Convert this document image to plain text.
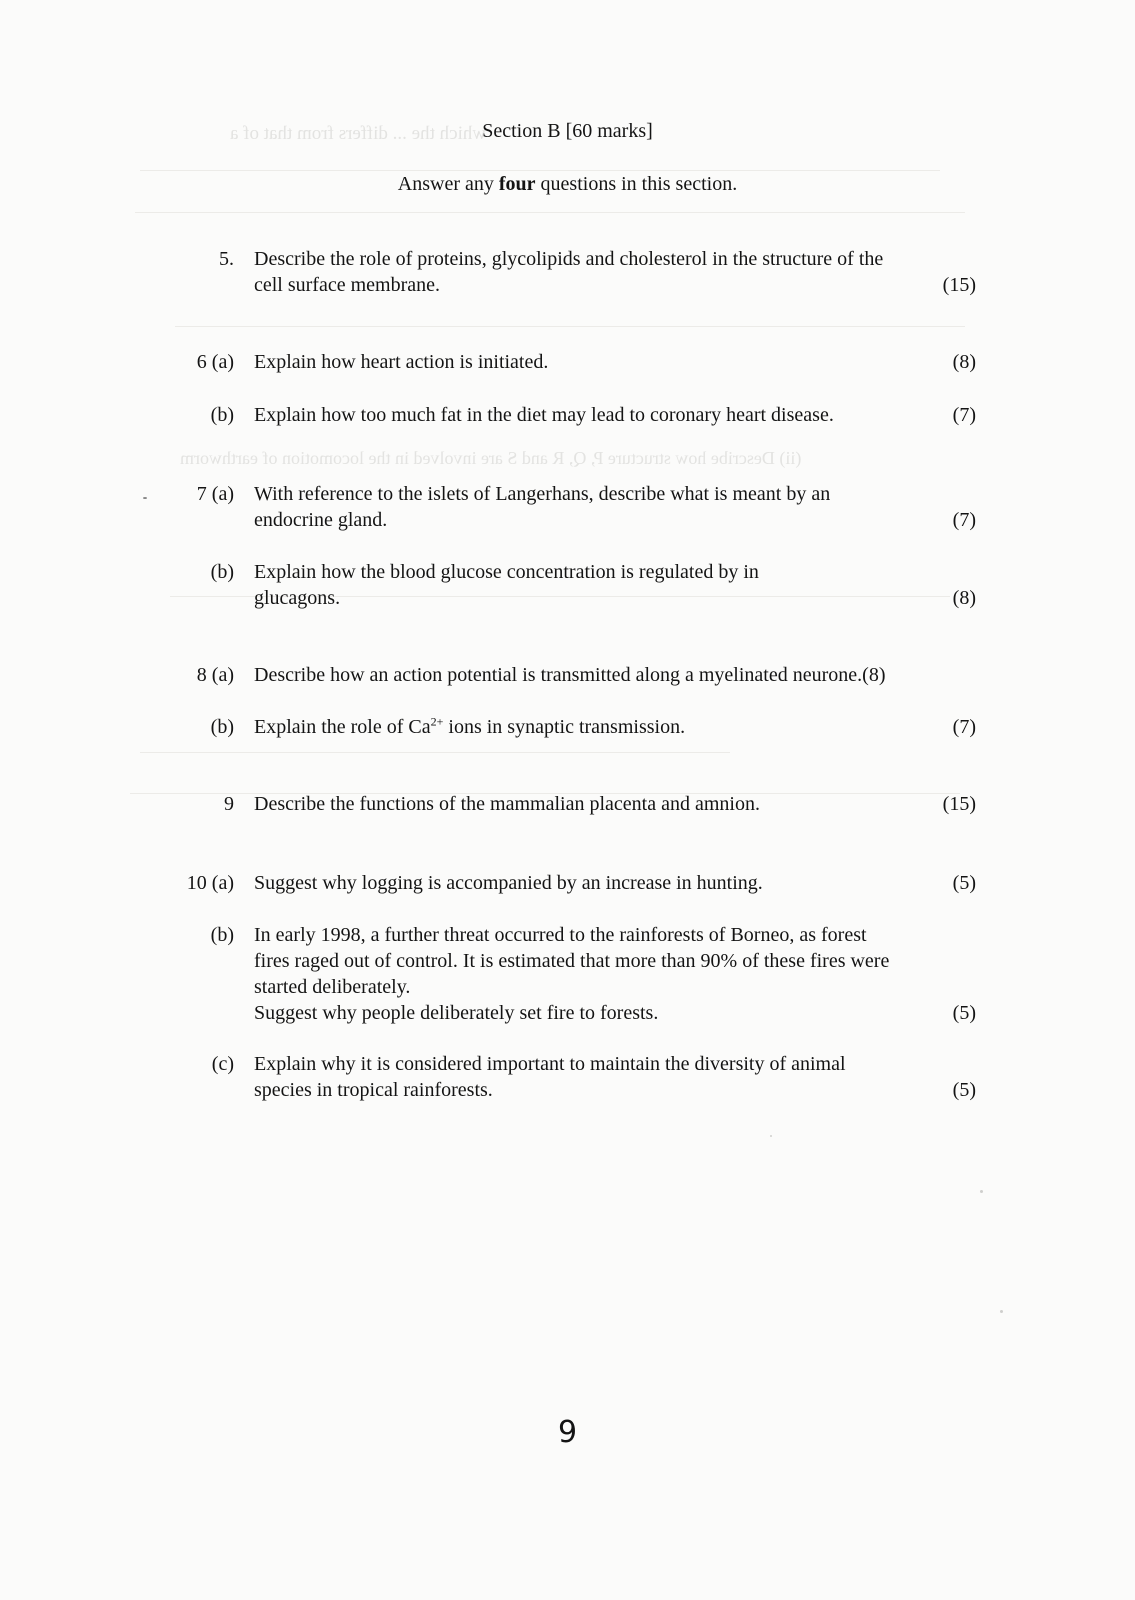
which the ... differs from that of a
(ii) Describe how structure P, Q, R and S are involved in the locomotion of earthworm
Section B [60 marks]
Answer any four questions in this section.
5. Describe the role of proteins, glycolipids and cholesterol in the structure of the
cell surface membrane.	(15)
6 (a) Explain how heart action is initiated.	(8)
(b) Explain how too much fat in the diet may lead to coronary heart disease.	(7)
7 (a) With reference to the islets of Langerhans, describe what is meant by an
endocrine gland.	(7)
(b) Explain how the blood glucose concentration is regulated by in
glucagons.	(8)
8 (a) Describe how an action potential is transmitted along a myelinated neurone.(8)
(b) Explain the role of $Ca^{2+}$ ions in synaptic transmission.	(7)
9 Describe the functions of the mammalian placenta and amnion.	(15)
10 (a) Suggest why logging is accompanied by an increase in hunting.	(5)
(b) In early 1998, a further threat occurred to the rainforests of Borneo, as forest
fires raged out of control. It is estimated that more than 90% of these fires were
started deliberately.
Suggest why people deliberately set fire to forests.	(5)
(c) Explain why it is considered important to maintain the diversity of animal
species in tropical rainforests.	(5)
9
